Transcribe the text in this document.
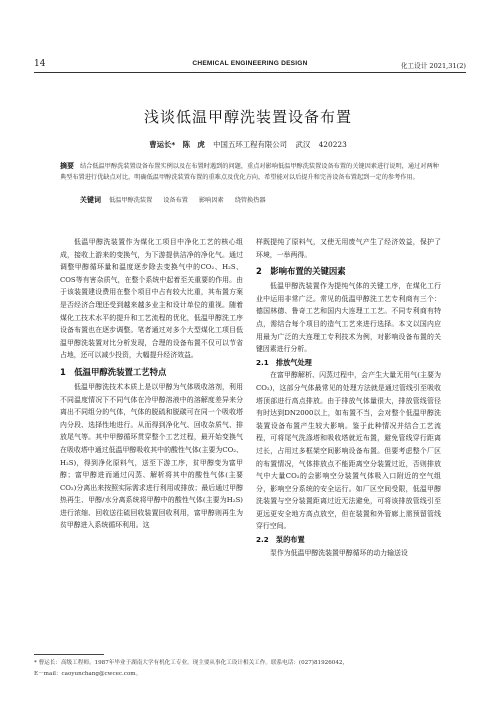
14	CHEMICAL ENGINEERING DESIGN	化工设计 2021,31(2)
浅谈低温甲醇洗装置设备布置
曹运长*　陈　虎 中国五环工程有限公司 武汉 420223

摘要 结合低温甲醇洗装置设备布置实例以及在布置时遇到的问题，重点对影响低温甲醇洗装置设备布置的关键因素进行说明，通过对两种典型布置进行优缺点对比，明确低温甲醇洗装置布置的重难点及优化方向，希望能对以后提升和完善设备布置起到一定的参考作用。

关键词 低温甲醇洗装置 设备布置 影响因素 绕管换热器

低温甲醇洗装置作为煤化工项目中净化工艺的核心组成，接收上游来的变换气，为下游提供洁净的净化气。通过调整甲醇循环量和温度逐步除去变换气中的CO₂、H₂S、COS等有害杂质气，在整个系统中起着至关重要的作用。由于该装置建设费用在整个项目中占有较大比重，其布置方案是否经济合理还受到越来越多业主和设计单位的重视。随着煤化工技术水平的提升和工艺流程的优化，低温甲醇洗工序设备布置也在逐步调整。笔者通过对多个大型煤化工项目低温甲醇洗装置对比分析发现，合理的设备布置不仅可以节省占地，还可以减少投资，大幅提升经济效益。

1　低温甲醇洗装置工艺特点

低温甲醇洗技术本质上是以甲醇为气体吸收溶剂，利用不同温度情况下不同气体在冷甲醇溶液中的溶解度差异来分离出不同组分的气体，气体的脱硫和脱碳可在同一个吸收塔内分段、选择性地进行。从而得到净化气、回收杂质气、排放尾气等。其中甲醇循环贯穿整个工艺过程，最开始变换气在吸收塔中通过低温甲醇吸收其中的酸性气体(主要为CO₂、H₂S)，得到净化原料气，送至下游工序，贫甲醇变为富甲醇；富甲醇进而通过闪蒸、解析将其中的酸性气体(主要CO₂)分离出来按照实际需求进行利用或排放；最后通过甲醇热再生、甲醇/水分离系统将甲醇中的酸性气体(主要为H₂S)进行浓缩、回收送往硫回收装置回收利用，富甲醇则再生为贫甲醇进入系统循环利用。这

样既提纯了原料气，又使无用废气产生了经济效益，保护了环境，一举两得。

2　影响布置的关键因素

低温甲醇洗装置作为提纯气体的关键工序，在煤化工行业中运用非常广泛。常见的低温甲醇洗工艺专利商有三个：德国林德、鲁奇工艺和国内大连理工工艺。不同专利商有特点，需结合每个项目的造气工艺来进行选择。本文以国内应用最为广泛的大连理工专利技术为例，对影响设备布置的关键因素进行分析。

2.1　排放气处理

在富甲醇解析、闪蒸过程中，会产生大量无用气(主要为CO₂)，这部分气体最常见的处理方法就是通过管线引至吸收塔顶部进行高点排放。由于排放气体量很大，排放管线管径有时达到DN2000以上，如布置不当，会对整个低温甲醇洗装置设备布置产生较大影响。鉴于此种情况并结合工艺流程，可将尾气洗涤塔和吸收塔就近布置，避免管线穿行距离过长，占用过多框架空间影响设备布置。但要考虑整个厂区的布置情况，气体排放点不能距离空分装置过近，否则排放气中大量CO₂的会影响空分装置气体吸入口附近的空气组分，影响空分系统的安全运行。如厂区空间受限，低温甲醇洗装置与空分装置距离过近无法避免，可将该排放管线引至更远更安全地方高点放空，但在装置和外管廊上需预留管线穿行空间。

2.2　泵的布置

泵作为低温甲醇洗装置甲醇循环的动力输送设

* 曹运长：高级工程师。1987年毕业于湖南大学有机化工专业。现主要从事化工设计相关工作。联系电话：(027)81926042，

E－mail：caoyunchang@cwcec.com。
